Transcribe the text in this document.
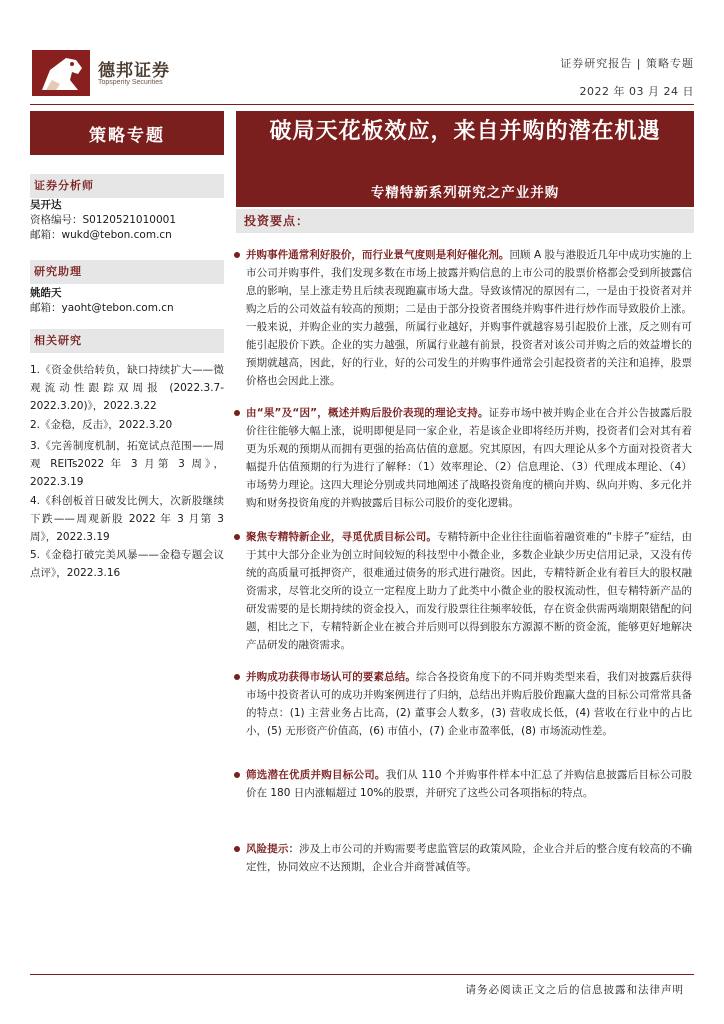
德邦证券
Topsperity Securities
证券研究报告 | 策略专题
2022 年 03 月 24 日
策略专题
证券分析师
吴开达
资格编号：S0120521010001
邮箱：wukd@tebon.com.cn
研究助理
姚皓天
邮箱：yaoht@tebon.com.cn
相关研究
1.《资金供给转负，缺口持续扩大——微观流动性跟踪双周报 (2022.3.7-2022.3.20)》，2022.3.22
2.《金稳，反击》，2022.3.20
3.《完善制度机制，拓宽试点范围——周观 REITs2022 年 3 月第 3 周》，2022.3.19
4.《科创板首日破发比例大，次新股继续下跌——周观新股 2022 年 3 月第 3 周》，2022.3.19
5.《金稳打破完美风暴——金稳专题会议点评》，2022.3.16
破局天花板效应，来自并购的潜在机遇
专精特新系列研究之产业并购
投资要点：
并购事件通常利好股价，而行业景气度则是利好催化剂。回顾 A 股与港股近几年中成功实施的上市公司并购事件，我们发现多数在市场上披露并购信息的上市公司的股票价格都会受到所披露信息的影响，呈上涨走势且后续表现跑赢市场大盘。导致该情况的原因有二，一是由于投资者对并购之后的公司效益有较高的预期；二是由于部分投资者围绕并购事件进行炒作而导致股价上涨。一般来说，并购企业的实力越强，所属行业越好，并购事件就越容易引起股价上涨，反之则有可能引起股价下跌。企业的实力越强，所属行业越有前景，投资者对该公司并购之后的效益增长的预期就越高，因此，好的行业，好的公司发生的并购事件通常会引起投资者的关注和追捧，股票价格也会因此上涨。
由“果”及“因”，概述并购后股价表现的理论支持。证券市场中被并购企业在合并公告披露后股价往往能够大幅上涨，说明即便是同一家企业，若是该企业即将经历并购，投资者们会对其有着更为乐观的预期从而拥有更强的抬高估值的意愿。究其原因，有四大理论从多个方面对投资者大幅提升估值预期的行为进行了解释：（1）效率理论、（2）信息理论、（3）代理成本理论、（4）市场势力理论。这四大理论分别或共同地阐述了战略投资角度的横向并购、纵向并购、多元化并购和财务投资角度的并购披露后目标公司股价的变化逻辑。
聚焦专精特新企业，寻觅优质目标公司。专精特新中企业往往面临着融资难的“卡脖子”症结，由于其中大部分企业为创立时间较短的科技型中小微企业，多数企业缺少历史信用记录，又没有传统的高质量可抵押资产，很难通过债务的形式进行融资。因此，专精特新企业有着巨大的股权融资需求，尽管北交所的设立一定程度上助力了此类中小微企业的股权流动性，但专精特新产品的研发需要的是长期持续的资金投入，而发行股票往往频率较低，存在资金供需两端期限错配的问题，相比之下，专精特新企业在被合并后则可以得到股东方源源不断的资金流，能够更好地解决产品研发的融资需求。
并购成功获得市场认可的要素总结。综合各投资角度下的不同并购类型来看，我们对披露后获得市场中投资者认可的成功并购案例进行了归纳，总结出并购后股价跑赢大盘的目标公司常常具备的特点：(1) 主营业务占比高，(2) 董事会人数多，(3) 营收成长低，(4) 营收在行业中的占比小，(5) 无形资产价值高，(6) 市值小，(7) 企业市盈率低，(8) 市场流动性差。
筛选潜在优质并购目标公司。我们从 110 个并购事件样本中汇总了并购信息披露后目标公司股价在 180 日内涨幅超过 10%的股票，并研究了这些公司各项指标的特点。
风险提示：涉及上市公司的并购需要考虑监管层的政策风险，企业合并后的整合度有较高的不确定性，协同效应不达预期，企业合并商誉减值等。
请务必阅读正文之后的信息披露和法律声明
